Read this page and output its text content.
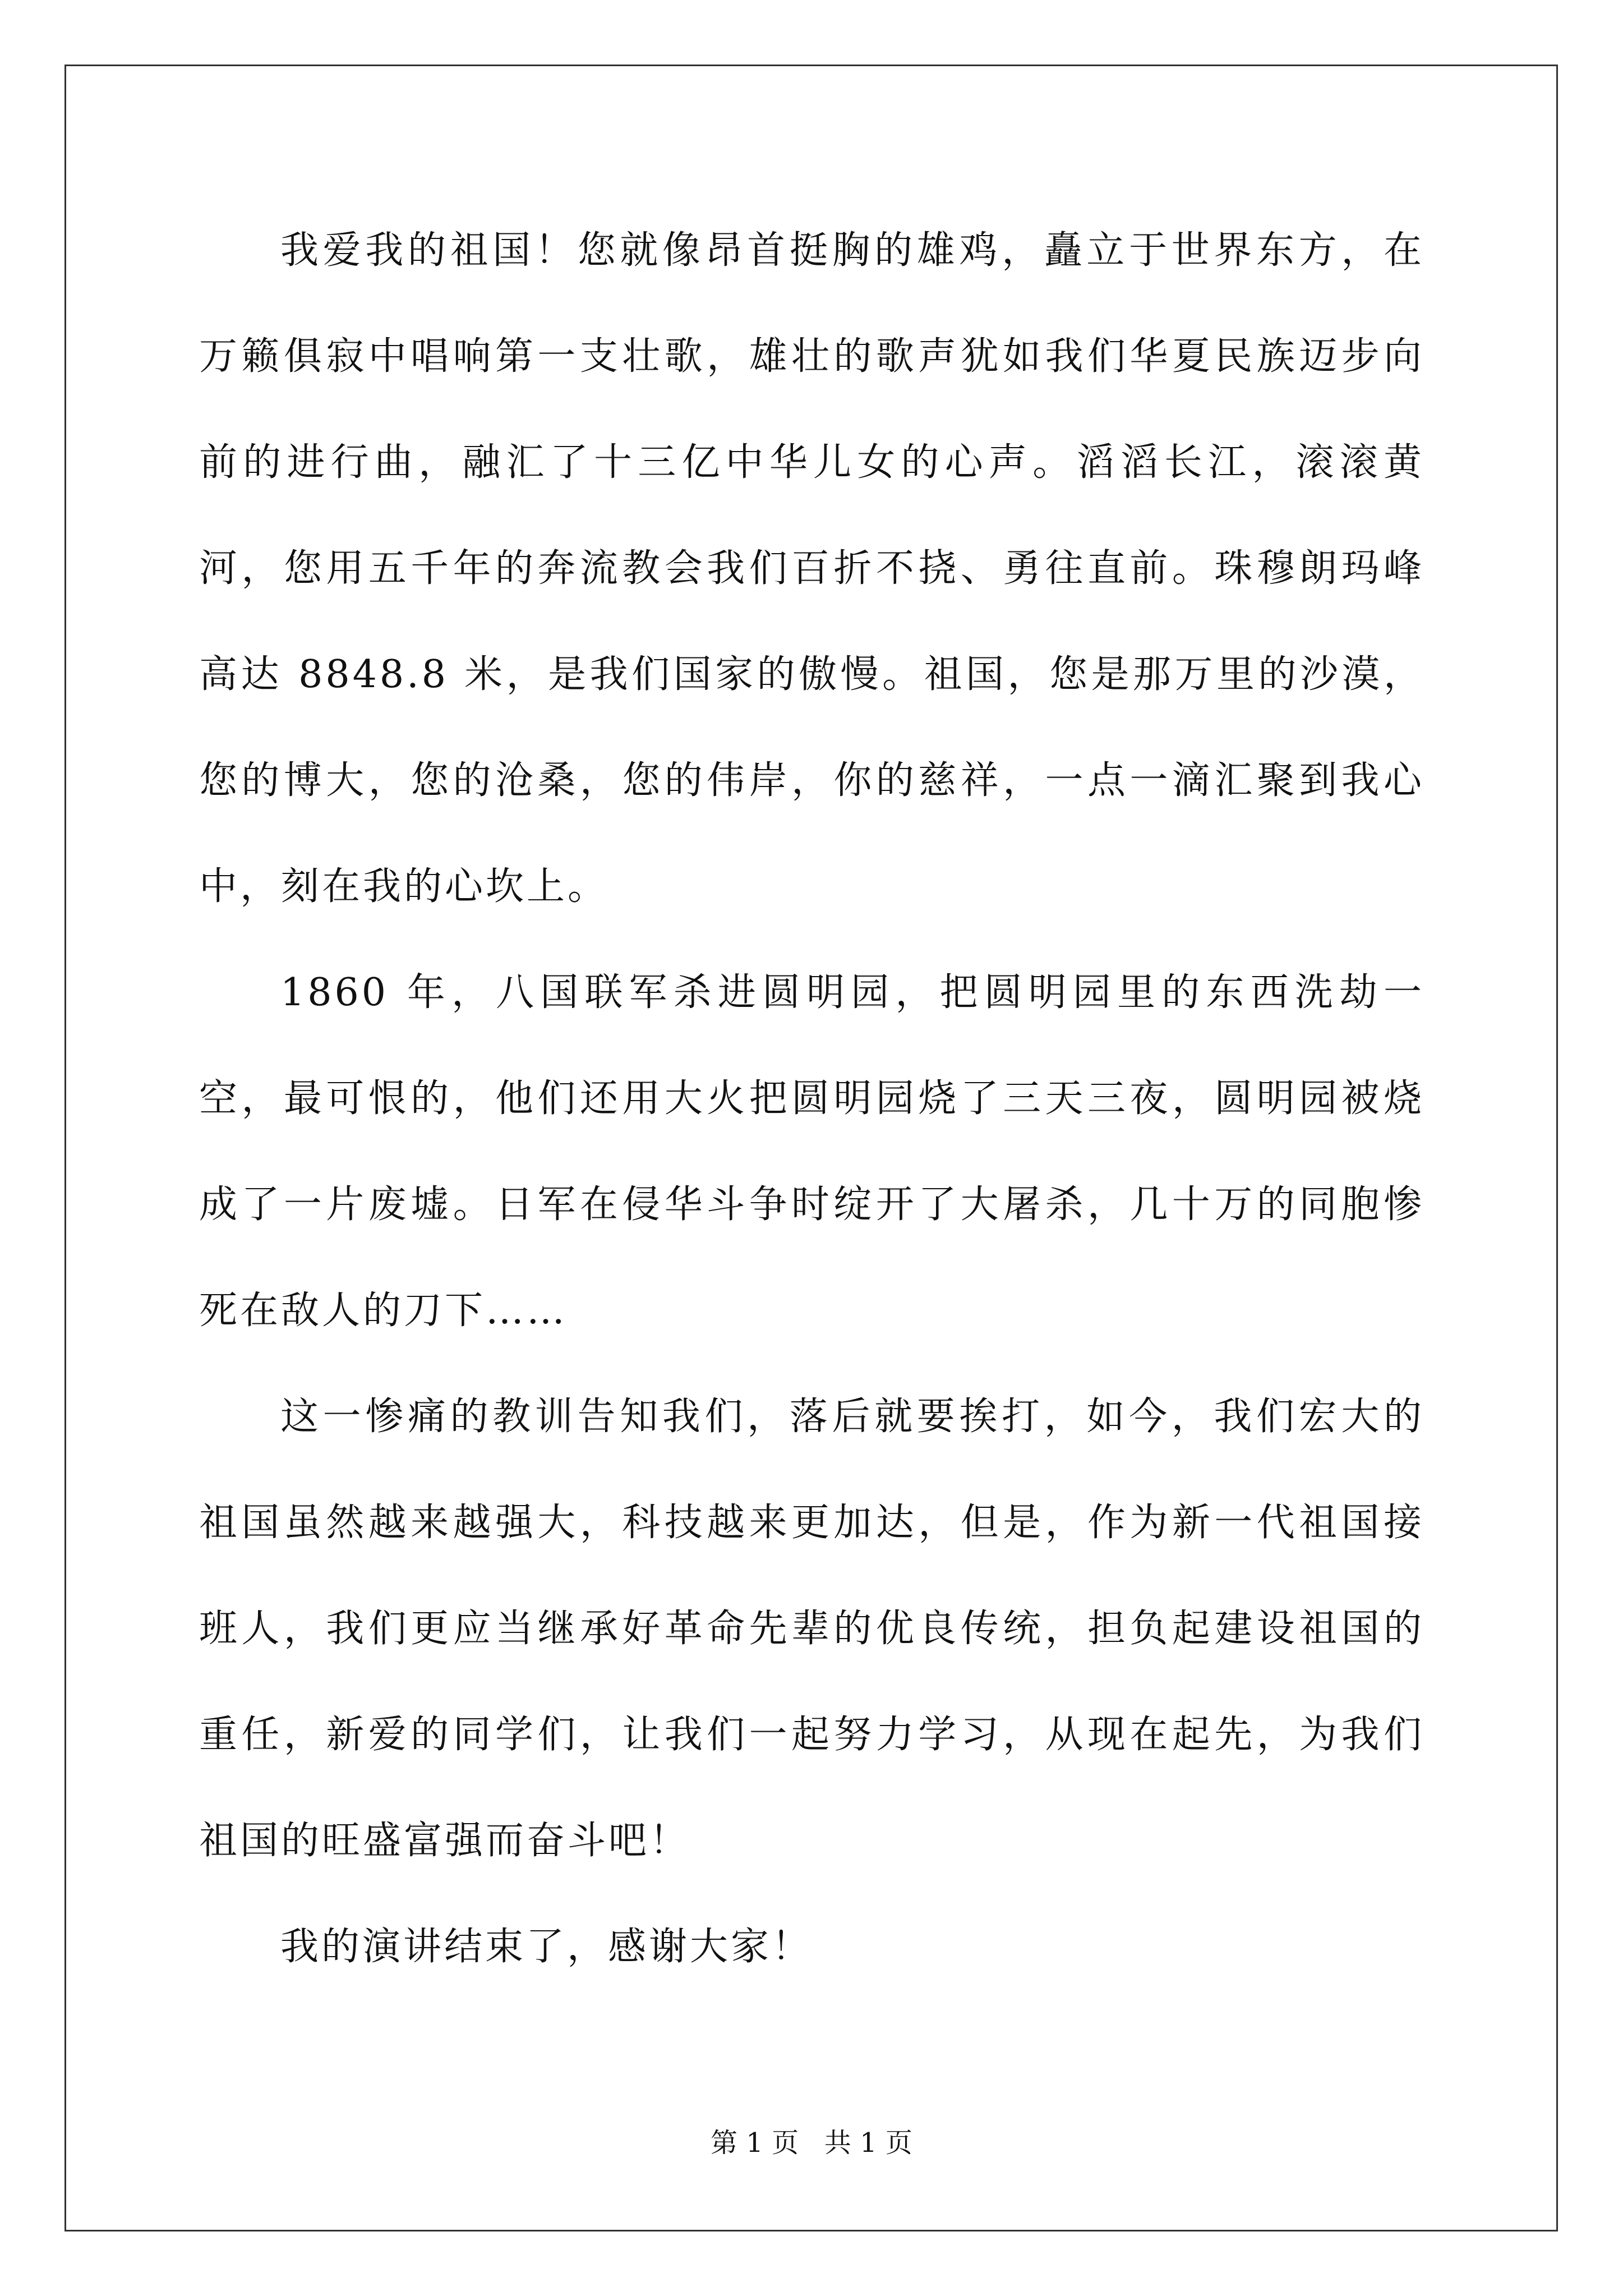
我爱我的祖国！您就像昂首挺胸的雄鸡，矗立于世界东方，在万籁俱寂中唱响第一支壮歌，雄壮的歌声犹如我们华夏民族迈步向前的进行曲，融汇了十三亿中华儿女的心声。滔滔长江，滚滚黄河，您用五千年的奔流教会我们百折不挠、勇往直前。珠穆朗玛峰高达 8848.8 米，是我们国家的傲慢。祖国，您是那万里的沙漠，您的博大，您的沧桑，您的伟岸，你的慈祥，一点一滴汇聚到我心中，刻在我的心坎上。

1860 年，八国联军杀进圆明园，把圆明园里的东西洗劫一空，最可恨的，他们还用大火把圆明园烧了三天三夜，圆明园被烧成了一片废墟。日军在侵华斗争时绽开了大屠杀，几十万的同胞惨死在敌人的刀下……

这一惨痛的教训告知我们，落后就要挨打，如今，我们宏大的祖国虽然越来越强大，科技越来更加达，但是，作为新一代祖国接班人，我们更应当继承好革命先辈的优良传统，担负起建设祖国的重任，新爱的同学们，让我们一起努力学习，从现在起先，为我们祖国的旺盛富强而奋斗吧！

我的演讲结束了，感谢大家！

第 1 页   共 1 页
